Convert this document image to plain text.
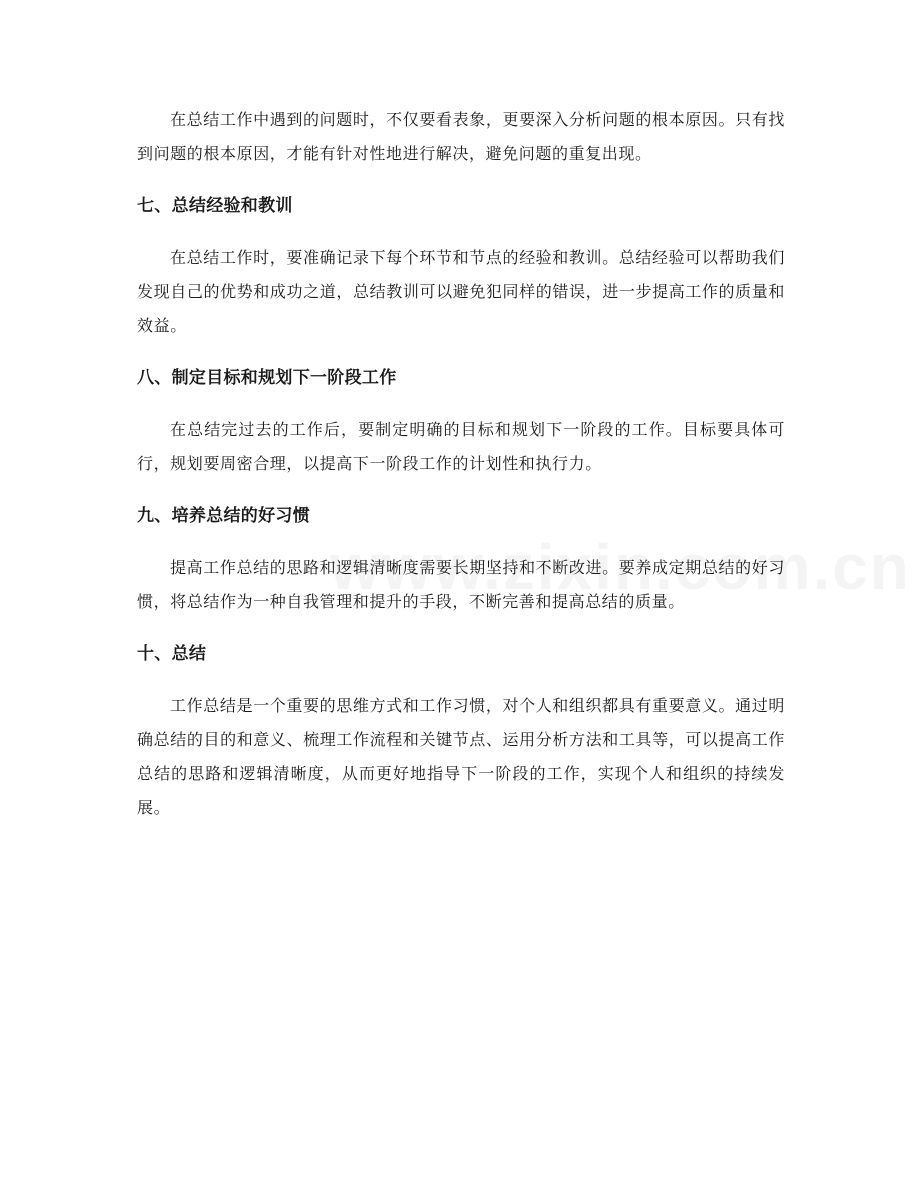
在总结工作中遇到的问题时，不仅要看表象，更要深入分析问题的根本原因。只有找到问题的根本原因，才能有针对性地进行解决，避免问题的重复出现。

七、总结经验和教训

在总结工作时，要准确记录下每个环节和节点的经验和教训。总结经验可以帮助我们发现自己的优势和成功之道，总结教训可以避免犯同样的错误，进一步提高工作的质量和效益。

八、制定目标和规划下一阶段工作

在总结完过去的工作后，要制定明确的目标和规划下一阶段的工作。目标要具体可行，规划要周密合理，以提高下一阶段工作的计划性和执行力。

九、培养总结的好习惯

提高工作总结的思路和逻辑清晰度需要长期坚持和不断改进。要养成定期总结的好习惯，将总结作为一种自我管理和提升的手段，不断完善和提高总结的质量。

十、总结

工作总结是一个重要的思维方式和工作习惯，对个人和组织都具有重要意义。通过明确总结的目的和意义、梳理工作流程和关键节点、运用分析方法和工具等，可以提高工作总结的思路和逻辑清晰度，从而更好地指导下一阶段的工作，实现个人和组织的持续发展。
